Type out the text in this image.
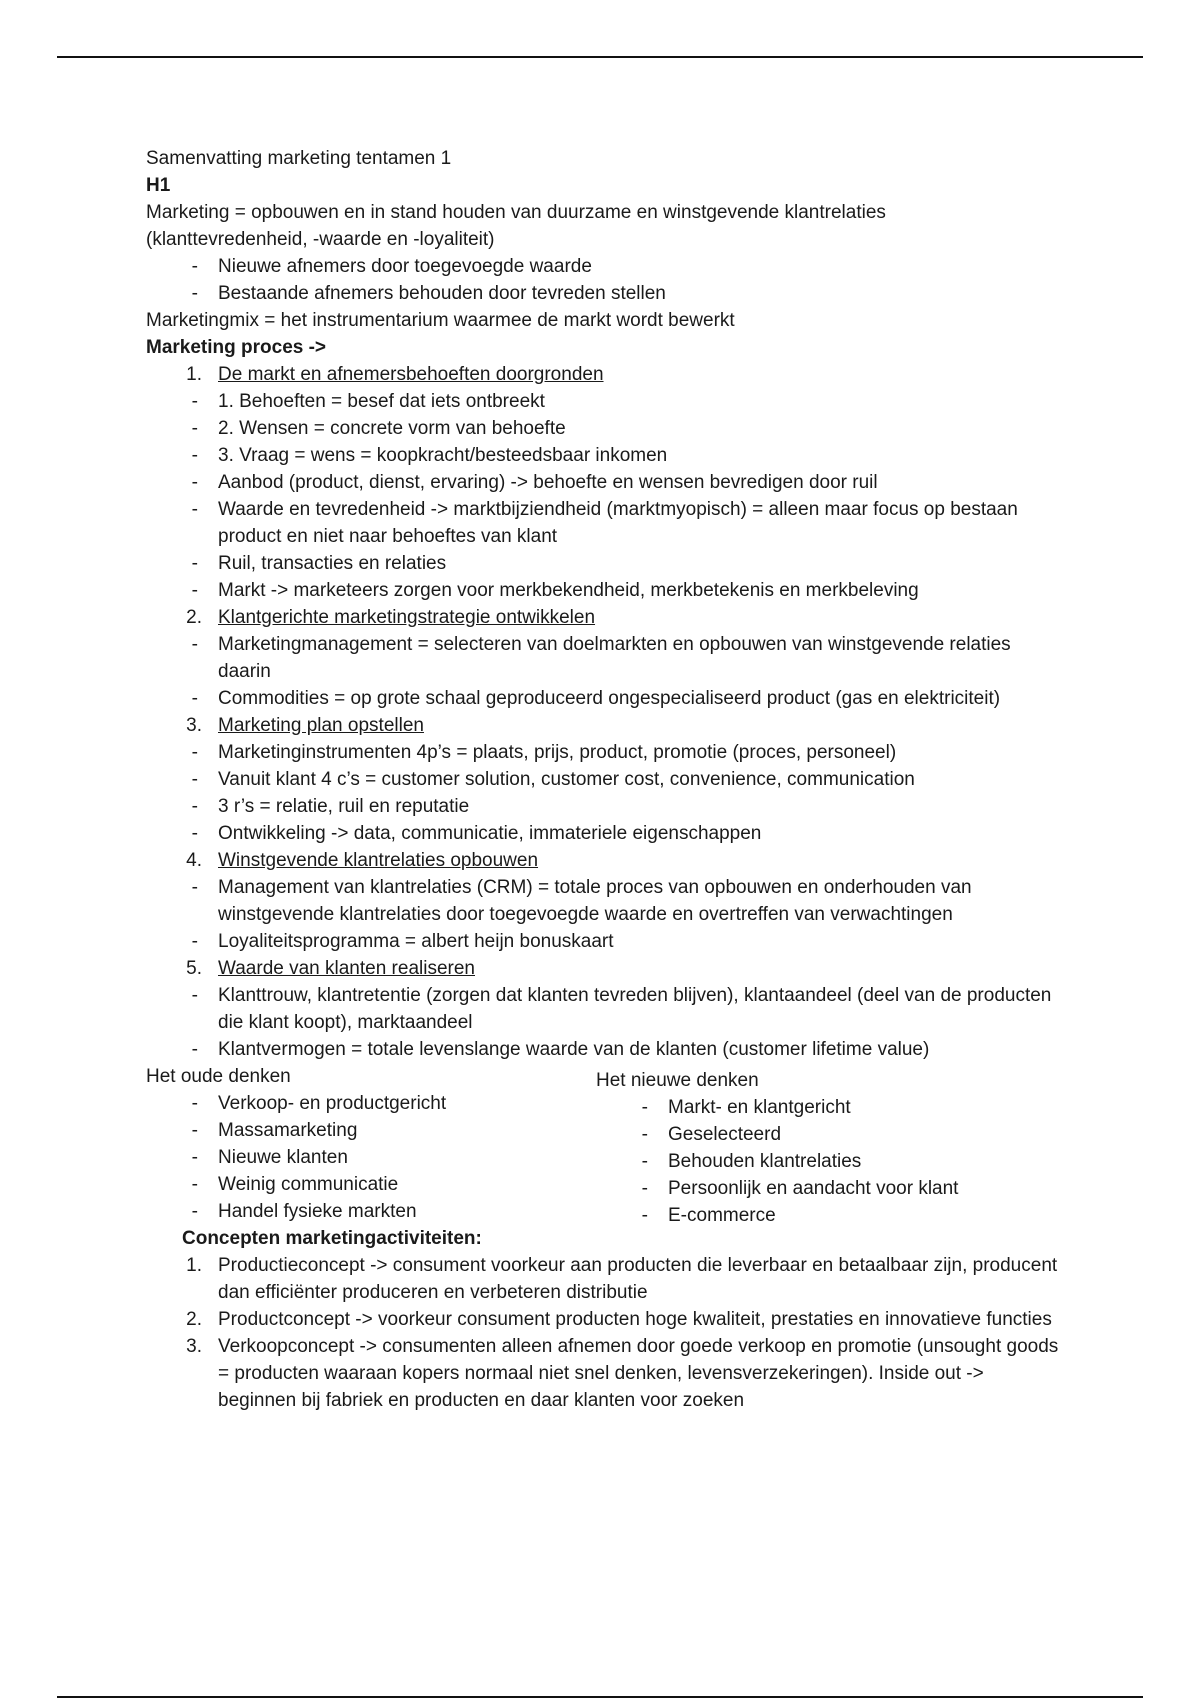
Samenvatting marketing tentamen 1
H1
Marketing = opbouwen en in stand houden van duurzame en winstgevende klantrelaties (klanttevredenheid, -waarde en -loyaliteit)
-	Nieuwe afnemers door toegevoegde waarde
-	Bestaande afnemers behouden door tevreden stellen
Marketingmix = het instrumentarium waarmee de markt wordt bewerkt
Marketing proces ->
1. De markt en afnemersbehoeften doorgronden
-	1. Behoeften = besef dat iets ontbreekt
-	2. Wensen = concrete vorm van behoefte
-	3. Vraag = wens = koopkracht/besteedsbaar inkomen
-	Aanbod (product, dienst, ervaring) -> behoefte en wensen bevredigen door ruil
-	Waarde en tevredenheid -> marktbijziendheid (marktmyopisch) = alleen maar focus op bestaan product en niet naar behoeftes van klant
-	Ruil, transacties en relaties
-	Markt -> marketeers zorgen voor merkbekendheid, merkbetekenis en merkbeleving
2. Klantgerichte marketingstrategie ontwikkelen
-	Marketingmanagement = selecteren van doelmarkten en opbouwen van winstgevende relaties daarin
-	Commodities = op grote schaal geproduceerd ongespecialiseerd product (gas en elektriciteit)
3. Marketing plan opstellen
-	Marketinginstrumenten 4p’s = plaats, prijs, product, promotie (proces, personeel)
-	Vanuit klant 4 c’s = customer solution, customer cost, convenience, communication
-	3 r’s = relatie, ruil en reputatie
-	Ontwikkeling -> data, communicatie, immateriele eigenschappen
4. Winstgevende klantrelaties opbouwen
-	Management van klantrelaties (CRM) = totale proces van opbouwen en onderhouden van winstgevende klantrelaties door toegevoegde waarde en overtreffen van verwachtingen
-	Loyaliteitsprogramma = albert heijn bonuskaart
5. Waarde van klanten realiseren
-	Klanttrouw, klantretentie (zorgen dat klanten tevreden blijven), klantaandeel (deel van de producten die klant koopt), marktaandeel
-	Klantvermogen = totale levenslange waarde van de klanten (customer lifetime value)
Het oude denken
-	Verkoop- en productgericht
-	Massamarketing
-	Nieuwe klanten
-	Weinig communicatie
-	Handel fysieke markten
Het nieuwe denken
-	Markt- en klantgericht
-	Geselecteerd
-	Behouden klantrelaties
-	Persoonlijk en aandacht voor klant
-	E-commerce
Concepten marketingactiviteiten:
1. Productieconcept -> consument voorkeur aan producten die leverbaar en betaalbaar zijn, producent dan efficiënter produceren en verbeteren distributie
2. Productconcept -> voorkeur consument producten hoge kwaliteit, prestaties en innovatieve functies
3. Verkoopconcept -> consumenten alleen afnemen door goede verkoop en promotie (unsought goods = producten waaraan kopers normaal niet snel denken, levensverzekeringen). Inside out -> beginnen bij fabriek en producten en daar klanten voor zoeken
